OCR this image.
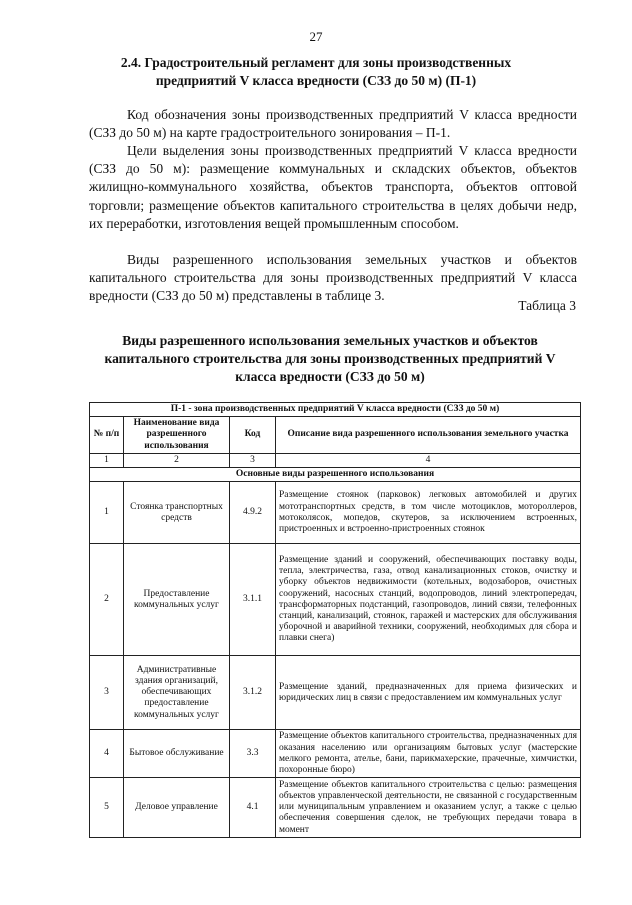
27
2.4. Градостроительный регламент для зоны производственных предприятий V класса вредности (СЗЗ до 50 м) (П-1)

Код обозначения зоны производственных предприятий V класса вредности (СЗЗ до 50 м) на карте градостроительного зонирования – П-1.

Цели выделения зоны производственных предприятий V класса вредности (СЗЗ до 50 м): размещение коммунальных и складских объектов, объектов жилищно-коммунального хозяйства, объектов транспорта, объектов оптовой торговли; размещение объектов капитального строительства в целях добычи недр, их переработки, изготовления вещей промышленным способом.

Виды разрешенного использования земельных участков и объектов капитального строительства для зоны производственных предприятий V класса вредности (СЗЗ до 50 м) представлены в таблице 3.

Таблица 3
Виды разрешенного использования земельных участков и объектов капитального строительства для зоны производственных предприятий V класса вредности (СЗЗ до 50 м)
П-1 - зона производственных предприятий V класса вредности (СЗЗ до 50 м)			
№ п/п	Наименование вида разрешенного использования	Код	Описание вида разрешенного использования земельного участка
1	2	3	4
Основные виды разрешенного использования			
1	Стоянка транспортных средств	4.9.2	Размещение стоянок (парковок) легковых автомобилей и других мототранспортных средств, в том числе мотоциклов, мотороллеров, мотоколясок, мопедов, скутеров, за исключением встроенных, пристроенных и встроенно-пристроенных стоянок
2	Предоставление коммунальных услуг	3.1.1	Размещение зданий и сооружений, обеспечивающих поставку воды, тепла, электричества, газа, отвод канализационных стоков, очистку и уборку объектов недвижимости (котельных, водозаборов, очистных сооружений, насосных станций, водопроводов, линий электропередач, трансформаторных подстанций, газопроводов, линий связи, телефонных станций, канализаций, стоянок, гаражей и мастерских для обслуживания уборочной и аварийной техники, сооружений, необходимых для сбора и плавки снега)
3	Административные здания организаций, обеспечивающих предоставление коммунальных услуг	3.1.2	Размещение зданий, предназначенных для приема физических и юридических лиц в связи с предоставлением им коммунальных услуг
4	Бытовое обслуживание	3.3	Размещение объектов капитального строительства, предназначенных для оказания населению или организациям бытовых услуг (мастерские мелкого ремонта, ателье, бани, парикмахерские, прачечные, химчистки, похоронные бюро)
5	Деловое управление	4.1	Размещение объектов капитального строительства с целью: размещения объектов управленческой деятельности, не связанной с государственным или муниципальным управлением и оказанием услуг, а также с целью обеспечения совершения сделок, не требующих передачи товара в момент
